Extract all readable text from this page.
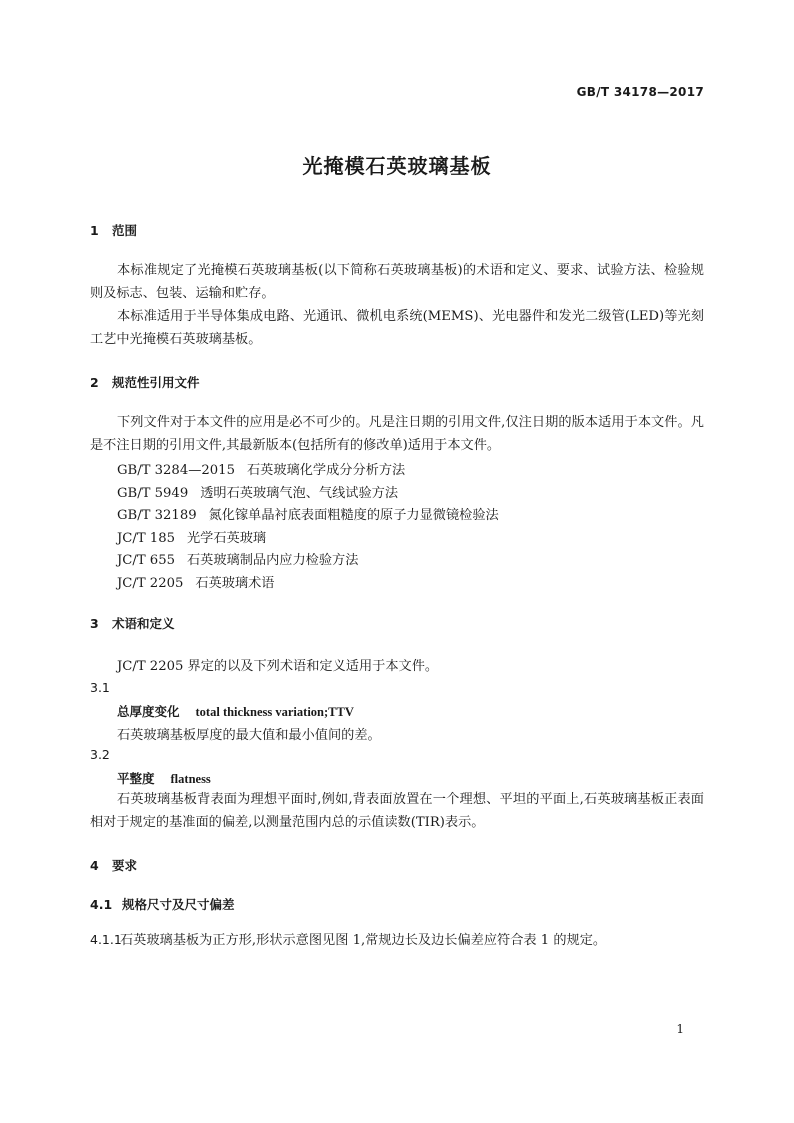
GB/T 34178—2017
光掩模石英玻璃基板
1 范围
本标准规定了光掩模石英玻璃基板(以下简称石英玻璃基板)的术语和定义、要求、试验方法、检验规则及标志、包装、运输和贮存。
本标准适用于半导体集成电路、光通讯、微机电系统(MEMS)、光电器件和发光二级管(LED)等光刻工艺中光掩模石英玻璃基板。
2 规范性引用文件
下列文件对于本文件的应用是必不可少的。凡是注日期的引用文件,仅注日期的版本适用于本文件。凡是不注日期的引用文件,其最新版本(包括所有的修改单)适用于本文件。
GB/T 3284—2015 石英玻璃化学成分分析方法
GB/T 5949 透明石英玻璃气泡、气线试验方法
GB/T 32189 氮化镓单晶衬底表面粗糙度的原子力显微镜检验法
JC/T 185 光学石英玻璃
JC/T 655 石英玻璃制品内应力检验方法
JC/T 2205 石英玻璃术语
3 术语和定义
JC/T 2205 界定的以及下列术语和定义适用于本文件。
3.1
总厚度变化 total thickness variation;TTV
石英玻璃基板厚度的最大值和最小值间的差。
3.2
平整度 flatness
石英玻璃基板背表面为理想平面时,例如,背表面放置在一个理想、平坦的平面上,石英玻璃基板正表面相对于规定的基准面的偏差,以测量范围内总的示值读数(TIR)表示。
4 要求
4.1 规格尺寸及尺寸偏差
4.1.1石英玻璃基板为正方形,形状示意图见图 1,常规边长及边长偏差应符合表 1 的规定。
1
